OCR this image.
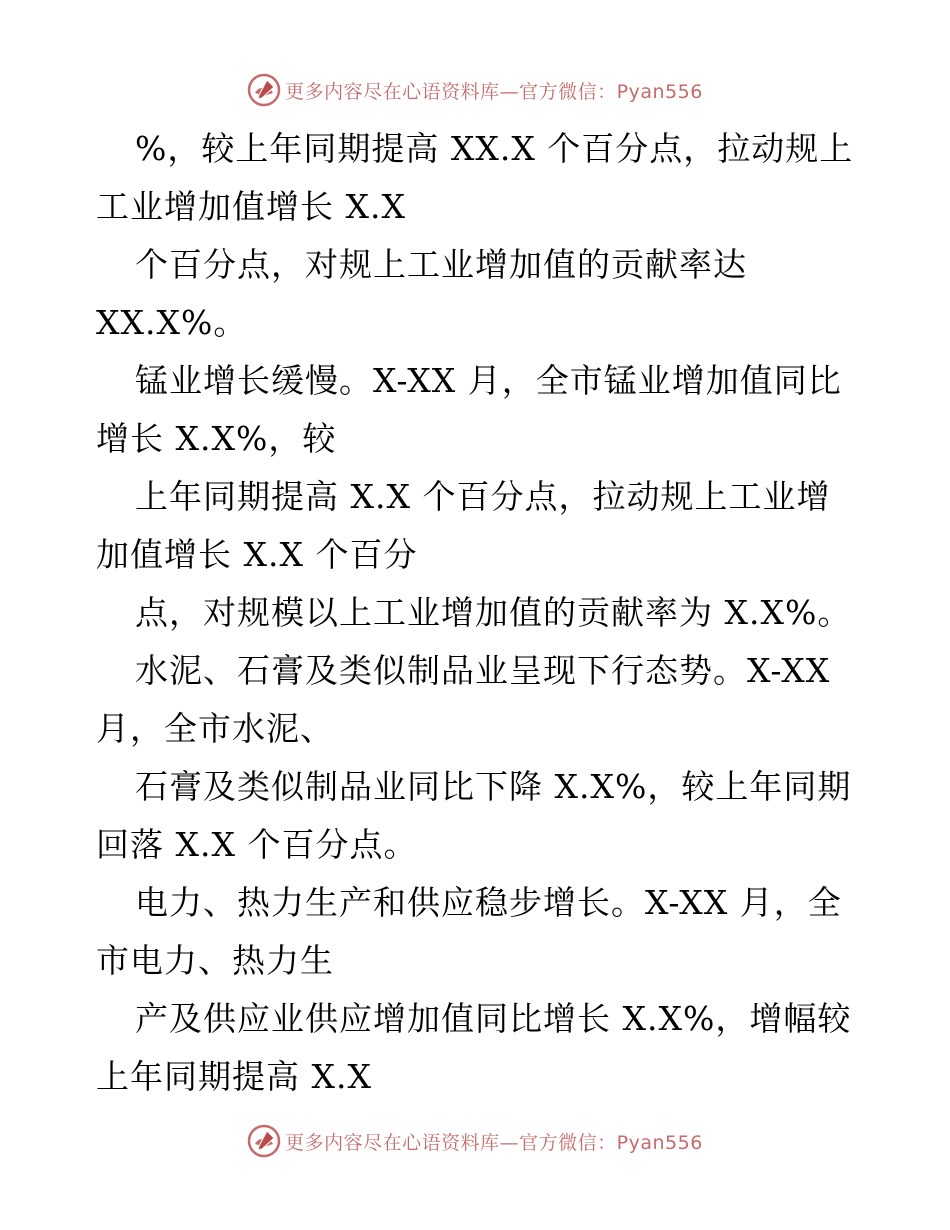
更多内容尽在心语资料库—官方微信：Pyan556
%，较上年同期提高 XX.X 个百分点，拉动规上
工业增加值增长 X.X
个百分点，对规上工业增加值的贡献率达
XX.X%。
锰业增长缓慢。X-XX 月，全市锰业增加值同比
增长 X.X%，较
上年同期提高 X.X 个百分点，拉动规上工业增
加值增长 X.X 个百分
点，对规模以上工业增加值的贡献率为 X.X%。
水泥、石膏及类似制品业呈现下行态势。X-XX
月，全市水泥、
石膏及类似制品业同比下降 X.X%，较上年同期
回落 X.X 个百分点。
电力、热力生产和供应稳步增长。X-XX 月，全
市电力、热力生
产及供应业供应增加值同比增长 X.X%，增幅较
上年同期提高 X.X
更多内容尽在心语资料库—官方微信：Pyan556
